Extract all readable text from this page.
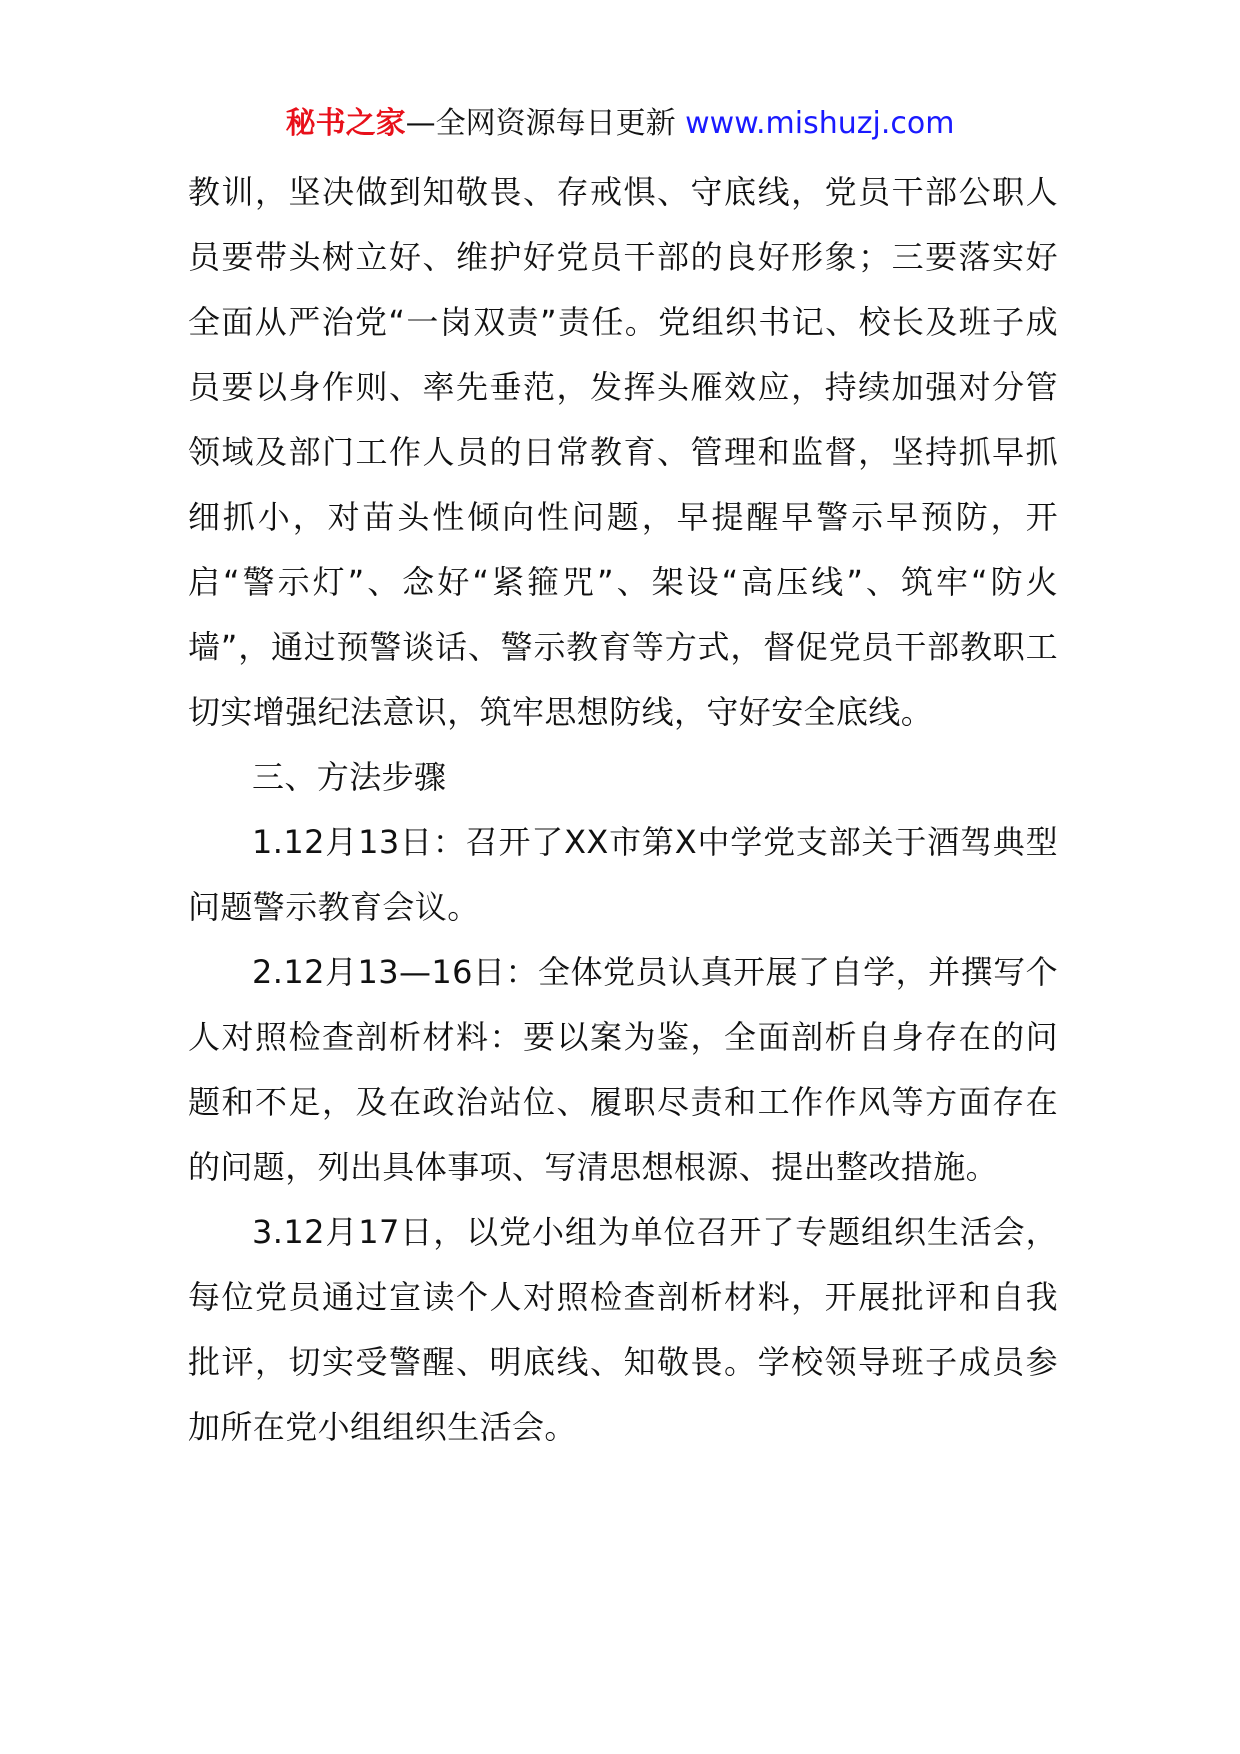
秘书之家—全网资源每日更新 www.mishuzj.com

教训，坚决做到知敬畏、存戒惧、守底线，党员干部公职人员要带头树立好、维护好党员干部的良好形象；三要落实好全面从严治党“一岗双责”责任。党组织书记、校长及班子成员要以身作则、率先垂范，发挥头雁效应，持续加强对分管领域及部门工作人员的日常教育、管理和监督，坚持抓早抓细抓小，对苗头性倾向性问题，早提醒早警示早预防，开启“警示灯”、念好“紧箍咒”、架设“高压线”、筑牢“防火墙”，通过预警谈话、警示教育等方式，督促党员干部教职工切实增强纪法意识，筑牢思想防线，守好安全底线。

三、方法步骤

1.12月13日：召开了XX市第X中学党支部关于酒驾典型问题警示教育会议。

2.12月13—16日：全体党员认真开展了自学，并撰写个人对照检查剖析材料：要以案为鉴，全面剖析自身存在的问题和不足，及在政治站位、履职尽责和工作作风等方面存在的问题，列出具体事项、写清思想根源、提出整改措施。

3.12月17日，以党小组为单位召开了专题组织生活会，每位党员通过宣读个人对照检查剖析材料，开展批评和自我批评，切实受警醒、明底线、知敬畏。学校领导班子成员参加所在党小组组织生活会。
